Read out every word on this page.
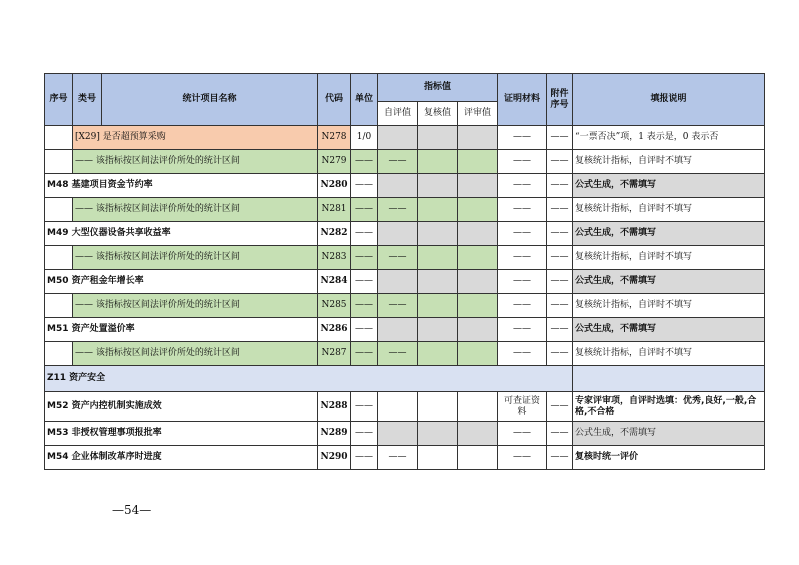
序号	类号	统计项目名称	代码	单位	指标值			证明材料	附件序号	填报说明
					自评值	复核值	评审值			
	[X29] 是否超预算采购		N278	1/0				——	——	“一票否决”项，1 表示是，0 表示否
	—— 该指标按区间法评价所处的统计区间		N279	——	——			——	——	复核统计指标，自评时不填写
M48 基建项目资金节约率			N280	——				——	——	公式生成，不需填写
	—— 该指标按区间法评价所处的统计区间		N281	——	——			——	——	复核统计指标，自评时不填写
M49 大型仪器设备共享收益率			N282	——				——	——	公式生成，不需填写
	—— 该指标按区间法评价所处的统计区间		N283	——	——			——	——	复核统计指标，自评时不填写
M50 资产租金年增长率			N284	——				——	——	公式生成，不需填写
	—— 该指标按区间法评价所处的统计区间		N285	——	——			——	——	复核统计指标，自评时不填写
M51 资产处置溢价率			N286	——				——	——	公式生成，不需填写
	—— 该指标按区间法评价所处的统计区间		N287	——	——			——	——	复核统计指标，自评时不填写
Z11 资产安全										
M52 资产内控机制实施成效			N288	——				可查证资料	——	专家评审项，自评时选填：优秀,良好,一般,合格,不合格
M53 非授权管理事项报批率			N289	——				——	——	公式生成，不需填写
M54 企业体制改革序时进度			N290	——	——			——	——	复核时统一评价
—54—
